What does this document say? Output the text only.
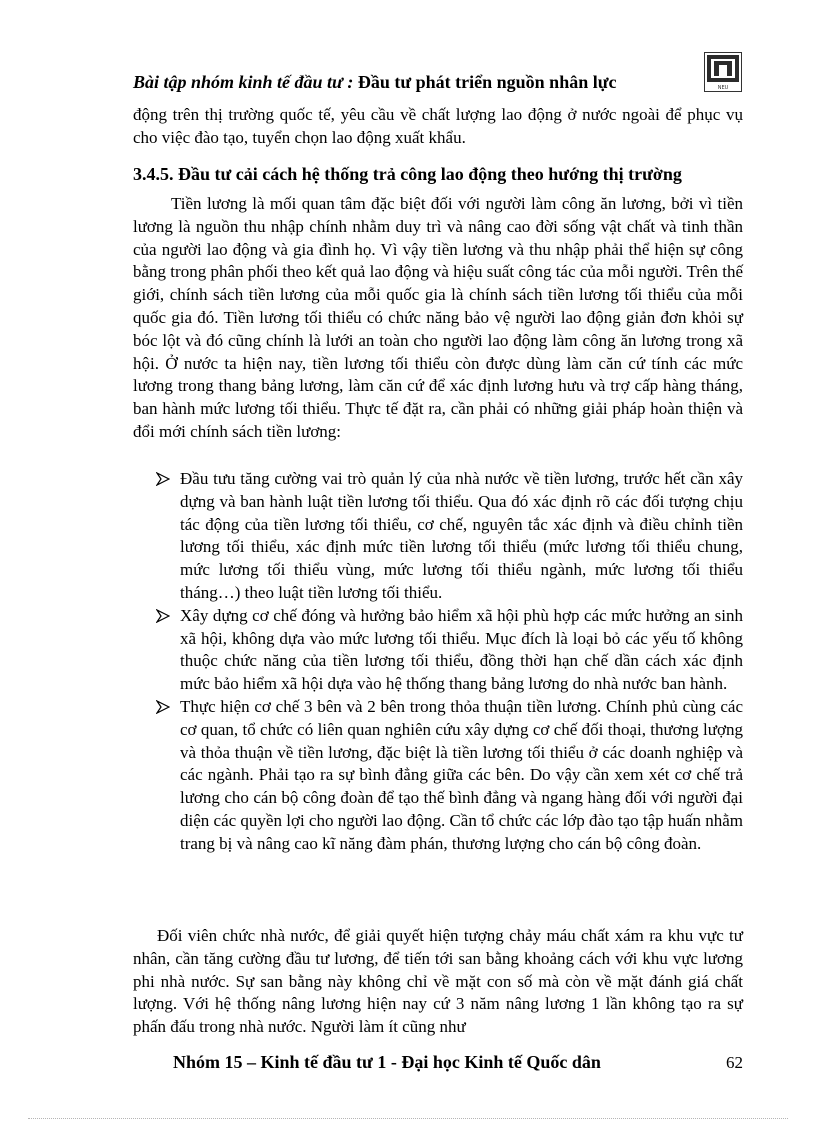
Bài tập nhóm kinh tế đầu tư : Đầu tư phát triển nguồn nhân lực	NEU
động trên thị trường quốc tế, yêu cầu về chất lượng lao động ở nước ngoài để phục vụ cho việc đào tạo, tuyển chọn lao động xuất khẩu.
3.4.5. Đầu tư cải cách hệ thống trả công lao động theo hướng thị trường
Tiền lương là mối quan tâm đặc biệt đối với người làm công ăn lương, bởi vì tiền lương là nguồn thu nhập chính nhằm duy trì và nâng cao đời sống vật chất và tinh thần của người lao động và gia đình họ. Vì vậy tiền lương và thu nhập phải thể hiện sự công bằng trong phân phối theo kết quả lao động và hiệu suất công tác của mỗi người. Trên thế giới, chính sách tiền lương của mỗi quốc gia là chính sách tiền lương tối thiểu của mỗi quốc gia đó. Tiền lương tối thiểu có chức năng bảo vệ người lao động giản đơn khỏi sự bóc lột và đó cũng chính là lưới an toàn cho người lao động làm công ăn lương trong xã hội. Ở nước ta hiện nay, tiền lương tối thiểu còn được dùng làm căn cứ tính các mức lương trong thang bảng lương, làm căn cứ để xác định lương hưu và trợ cấp hàng tháng, ban hành mức lương tối thiểu. Thực tế đặt ra, cần phải có những giải pháp hoàn thiện và đổi mới chính sách tiền lương:
Đầu tưu tăng cường vai trò quản lý của nhà nước về tiền lương, trước hết cần xây dựng và ban hành luật tiền lương tối thiểu. Qua đó xác định rõ các đối tượng chịu tác động của tiền lương tối thiểu, cơ chế, nguyên tắc xác định và điều chỉnh tiền lương tối thiểu, xác định mức tiền lương tối thiểu (mức lương tối thiểu chung, mức lương tối thiểu vùng, mức lương tối thiểu ngành, mức lương tối thiểu tháng…) theo luật tiền lương tối thiểu.
Xây dựng cơ chế đóng và hưởng bảo hiểm xã hội phù hợp các mức hưởng an sinh xã hội, không dựa vào mức lương tối thiểu. Mục đích là loại bỏ các yếu tố không thuộc chức năng của tiền lương tối thiểu, đồng thời hạn chế dần cách xác định mức bảo hiểm xã hội dựa vào hệ thống thang bảng lương do nhà nước ban hành.
Thực hiện cơ chế 3 bên và 2 bên trong thỏa thuận tiền lương. Chính phủ cùng các cơ quan, tổ chức có liên quan nghiên cứu xây dựng cơ chế đối thoại, thương lượng và thỏa thuận về tiền lương, đặc biệt là tiền lương tối thiểu ở các doanh nghiệp và các ngành. Phải tạo ra sự bình đẳng giữa các bên. Do vậy cần xem xét cơ chế trả lương cho cán bộ công đoàn để tạo thế bình đẳng và ngang hàng đối với người đại diện các quyền lợi cho người lao động. Cần tổ chức các lớp đào tạo tập huấn nhằm trang bị và nâng cao kĩ năng đàm phán, thương lượng cho cán bộ công đoàn.
Đối viên chức nhà nước, để giải quyết hiện tượng chảy máu chất xám ra khu vực tư nhân, cần tăng cường đầu tư lương, để tiến tới san bằng khoảng cách với khu vực lương phi nhà nước. Sự san bằng này không chỉ về mặt con số mà còn về mặt đánh giá chất lượng. Với hệ thống nâng lương hiện nay cứ 3 năm nâng lương 1 lần không tạo ra sự phấn đấu trong nhà nước. Người làm ít cũng như
Nhóm 15 – Kinh tế đầu tư 1 - Đại học Kinh tế Quốc dân	62
